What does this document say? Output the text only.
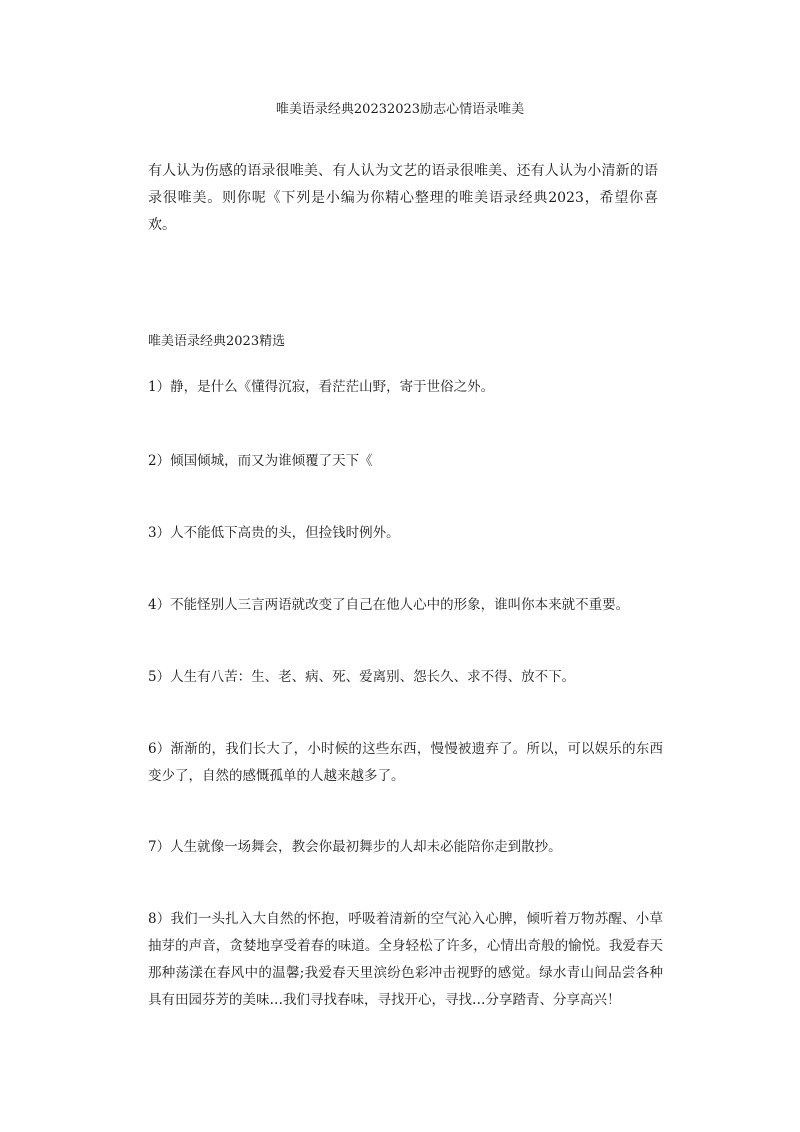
唯美语录经典20232023励志心情语录唯美
有人认为伤感的语录很唯美、有人认为文艺的语录很唯美、还有人认为小清新的语录很唯美。则你呢《下列是小编为你精心整理的唯美语录经典2023，希望你喜欢。
唯美语录经典2023精选
1）静，是什么《懂得沉寂，看茫茫山野，寄于世俗之外。
2）倾国倾城，而又为谁倾覆了天下《
3）人不能低下高贵的头，但捡钱时例外。
4）不能怪别人三言两语就改变了自己在他人心中的形象，谁叫你本来就不重要。
5）人生有八苦：生、老、病、死、爱离别、怨长久、求不得、放不下。
6）渐渐的，我们长大了，小时候的这些东西，慢慢被遗弃了。所以，可以娱乐的东西变少了，自然的感慨孤单的人越来越多了。
7）人生就像一场舞会，教会你最初舞步的人却未必能陪你走到散抄。
8）我们一头扎入大自然的怀抱，呼吸着清新的空气沁入心脾，倾听着万物苏醒、小草抽芽的声音，贪婪地享受着春的味道。全身轻松了许多，心情出奇般的愉悦。我爱春天那种荡漾在春风中的温馨;我爱春天里滨纷色彩冲击视野的感觉。绿水青山间品尝各种具有田园芬芳的美味…我们寻找春味，寻找开心，寻找…分享踏青、分享高兴！
